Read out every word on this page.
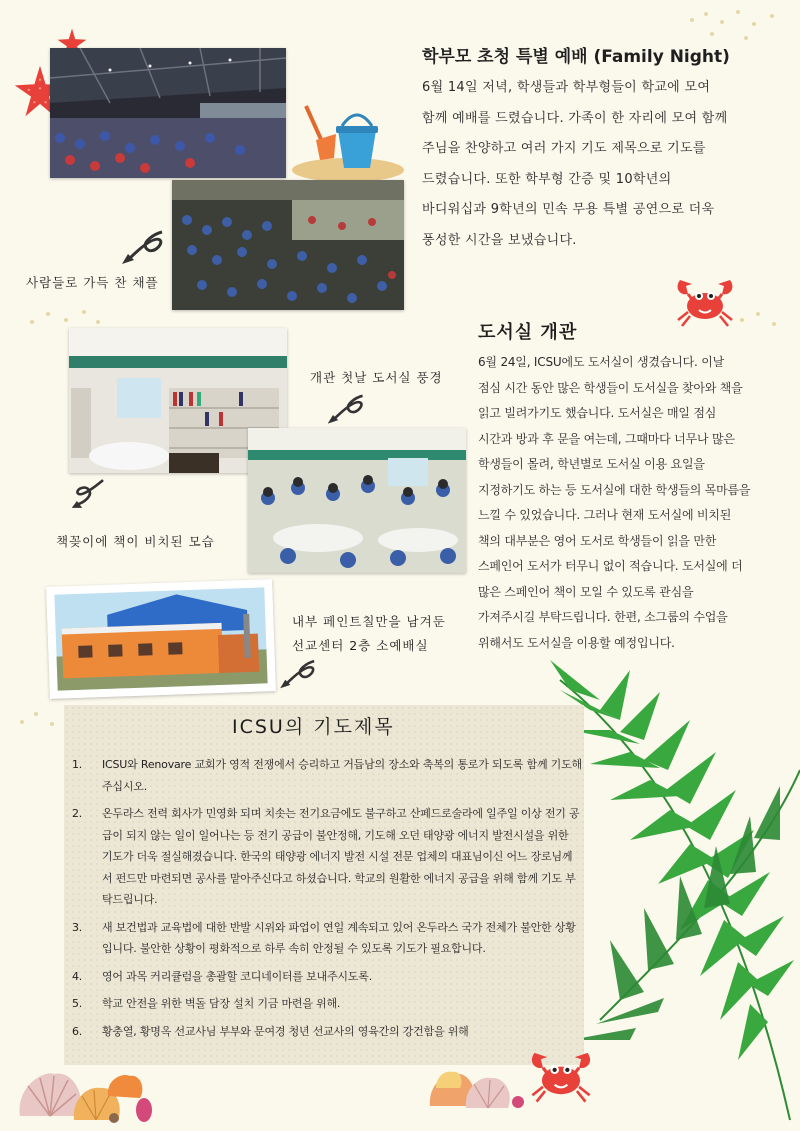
사람들로 가득 찬 채플
학부모 초청 특별 예배 (Family Night)

6월 14일 저녁, 학생들과 학부형들이 학교에 모여

함께 예배를 드렸습니다. 가족이 한 자리에 모여 함께

주님을 찬양하고 여러 가지 기도 제목으로 기도를

드렸습니다. 또한 학부형 간증 및 10학년의

바디워십과 9학년의 민속 무용 특별 공연으로 더욱

풍성한 시간을 보냈습니다.

도서실 개관

6월 24일, ICSU에도 도서실이 생겼습니다. 이날

점심 시간 동안 많은 학생들이 도서실을 찾아와 책을

읽고 빌려가기도 했습니다. 도서실은 매일 점심

시간과 방과 후 문을 여는데, 그때마다 너무나 많은

학생들이 몰려, 학년별로 도서실 이용 요일을

지정하기도 하는 등 도서실에 대한 학생들의 목마름을

느낄 수 있었습니다. 그러나 현재 도서실에 비치된

책의 대부분은 영어 도서로 학생들이 읽을 만한

스페인어 도서가 터무니 없이 적습니다. 도서실에 더

많은 스페인어 책이 모일 수 있도록 관심을

가져주시길 부탁드립니다. 한편, 소그룹의 수업을

위해서도 도서실을 이용할 예정입니다.

개관 첫날 도서실 풍경
책꽂이에 책이 비치된 모습
내부 페인트칠만을 남겨둔
선교센터 2층 소예배실
ICSU의 기도제목
1. ICSU와 Renovare 교회가 영적 전쟁에서 승리하고 거듭남의 장소와 축복의 통로가 되도록 함께 기도해 주십시오.
2. 온두라스 전력 회사가 민영화 되며 치솟는 전기요금에도 불구하고 산페드로술라에 일주일 이상 전기 공급이 되지 않는 일이 일어나는 등 전기 공급이 불안정해, 기도해 오던 태양광 에너지 발전시설을 위한 기도가 더욱 절실해졌습니다. 한국의 태양광 에너지 발전 시설 전문 업체의 대표님이신 어느 장로님께서 펀드만 마련되면 공사를 맡아주신다고 하셨습니다. 학교의 원활한 에너지 공급을 위해 함께 기도 부탁드립니다.
3. 새 보건법과 교육법에 대한 반발 시위와 파업이 연일 계속되고 있어 온두라스 국가 전체가 불안한 상황입니다. 불안한 상황이 평화적으로 하루 속히 안정될 수 있도록 기도가 필요합니다.
4. 영어 과목 커리큘럼을 총괄할 코디네이터를 보내주시도록.
5. 학교 안전을 위한 벽돌 담장 설치 기금 마련을 위해.
6. 황충열, 황명옥 선교사님 부부와 문여경 청년 선교사의 영육간의 강건함을 위해
